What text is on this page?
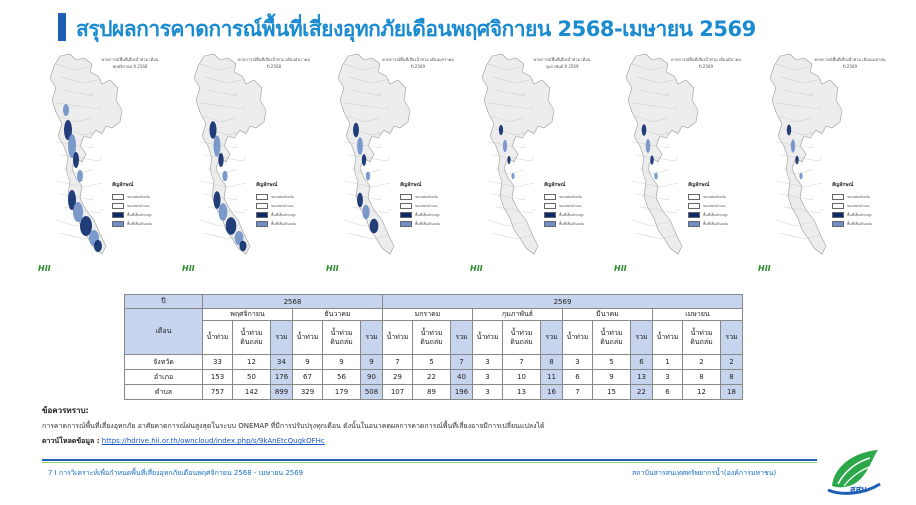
สรุปผลการคาดการณ์พื้นที่เสี่ยงอุทกภัยเดือนพฤศจิกายน 2568-เมษายน 2569
คาดการณ์พื้นที่เสี่ยงน้ำท่วม เดือนพฤศจิกายน ปี 2568
สัญลักษณ์
ขอบเขตจังหวัด
ขอบเขตอำเภอ
พื้นที่เสี่ยงท่วมสูง
พื้นที่เสี่ยงดินถล่ม
HII
คาดการณ์พื้นที่เสี่ยงน้ำท่วม เดือนธันวาคม ปี 2568
สัญลักษณ์
ขอบเขตจังหวัด
ขอบเขตอำเภอ
พื้นที่เสี่ยงท่วมสูง
พื้นที่เสี่ยงดินถล่ม
HII
คาดการณ์พื้นที่เสี่ยงน้ำท่วม เดือนมกราคม ปี 2569
สัญลักษณ์
ขอบเขตจังหวัด
ขอบเขตอำเภอ
พื้นที่เสี่ยงท่วมสูง
พื้นที่เสี่ยงดินถล่ม
HII
คาดการณ์พื้นที่เสี่ยงน้ำท่วม เดือนกุมภาพันธ์ ปี 2569
สัญลักษณ์
ขอบเขตจังหวัด
ขอบเขตอำเภอ
พื้นที่เสี่ยงท่วมสูง
พื้นที่เสี่ยงดินถล่ม
HII
คาดการณ์พื้นที่เสี่ยงน้ำท่วม เดือนมีนาคม ปี 2569
สัญลักษณ์
ขอบเขตจังหวัด
ขอบเขตอำเภอ
พื้นที่เสี่ยงท่วมสูง
พื้นที่เสี่ยงดินถล่ม
HII
คาดการณ์พื้นที่เสี่ยงน้ำท่วม เดือนเมษายน ปี 2569
สัญลักษณ์
ขอบเขตจังหวัด
ขอบเขตอำเภอ
พื้นที่เสี่ยงท่วมสูง
พื้นที่เสี่ยงดินถล่ม
HII
ปี	2568						2569											
เดือน	พฤศจิกายน			ธันวาคม			มกราคม			กุมภาพันธ์			มีนาคม			เมษายน		
	น้ำท่วม	น้ำท่วม ดินถล่ม	รวม	น้ำท่วม	น้ำท่วม ดินถล่ม	รวม	น้ำท่วม	น้ำท่วม ดินถล่ม	รวม	น้ำท่วม	น้ำท่วม ดินถล่ม	รวม	น้ำท่วม	น้ำท่วม ดินถล่ม	รวม	น้ำท่วม	น้ำท่วม ดินถล่ม	รวม
จังหวัด	33	12	34	9	9	9	7	5	7	3	7	8	3	5	6	1	2	2
อำเภอ	153	50	176	67	56	90	29	22	40	3	10	11	6	9	13	3	8	8
ตำบล	757	142	899	329	179	508	107	89	196	3	13	16	7	15	22	6	12	18
ข้อควรทราบ:
การคาดการณ์พื้นที่เสี่ยงอุทกภัย อาศัยคาดการณ์ฝนสูงสุดในระบบ ONEMAP ที่มีการปรับปรุงทุกเดือน ดังนั้นในอนาคตผลการคาดการณ์พื้นที่เสี่ยงอาจมีการเปลี่ยนแปลงได้
ดาวน์โหลดข้อมูล : https://hdrive.hii.or.th/owncloud/index.php/s/9kAnEtcQugkOFHc
7 I การวิเคราะห์เพื่อกำหนดพื้นที่เสี่ยงอุทกภัยเดือนพฤศจิกายน 2568 - เมษายน 2569	สถาบันสารสนเทศทรัพยากรน้ำ(องค์การมหาชน)
สสน
